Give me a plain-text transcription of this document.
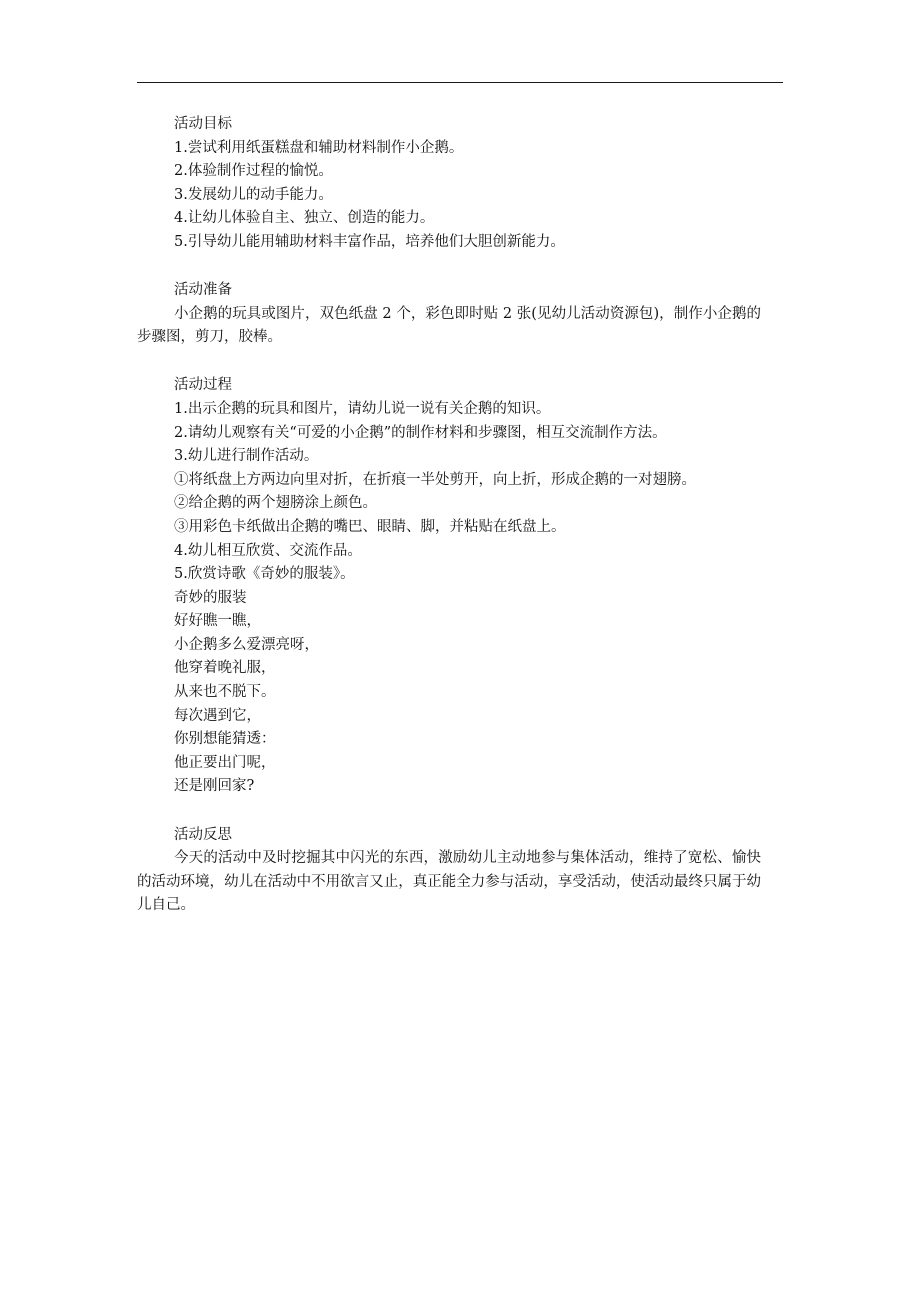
活动目标
1.尝试利用纸蛋糕盘和辅助材料制作小企鹅。
2.体验制作过程的愉悦。
3.发展幼儿的动手能力。
4.让幼儿体验自主、独立、创造的能力。
5.引导幼儿能用辅助材料丰富作品，培养他们大胆创新能力。
活动准备
小企鹅的玩具或图片，双色纸盘 2 个，彩色即时贴 2 张(见幼儿活动资源包)，制作小企鹅的步骤图，剪刀，胶棒。
活动过程
1.出示企鹅的玩具和图片，请幼儿说一说有关企鹅的知识。
2.请幼儿观察有关“可爱的小企鹅”的制作材料和步骤图，相互交流制作方法。
3.幼儿进行制作活动。
①将纸盘上方两边向里对折，在折痕一半处剪开，向上折，形成企鹅的一对翅膀。
②给企鹅的两个翅膀涂上颜色。
③用彩色卡纸做出企鹅的嘴巴、眼睛、脚，并粘贴在纸盘上。
4.幼儿相互欣赏、交流作品。
5.欣赏诗歌《奇妙的服装》。
奇妙的服装
好好瞧一瞧，
小企鹅多么爱漂亮呀，
他穿着晚礼服，
从来也不脱下。
每次遇到它，
你别想能猜透：
他正要出门呢，
还是刚回家?
活动反思
今天的活动中及时挖掘其中闪光的东西，激励幼儿主动地参与集体活动，维持了宽松、愉快的活动环境，幼儿在活动中不用欲言又止，真正能全力参与活动，享受活动，使活动最终只属于幼儿自己。
